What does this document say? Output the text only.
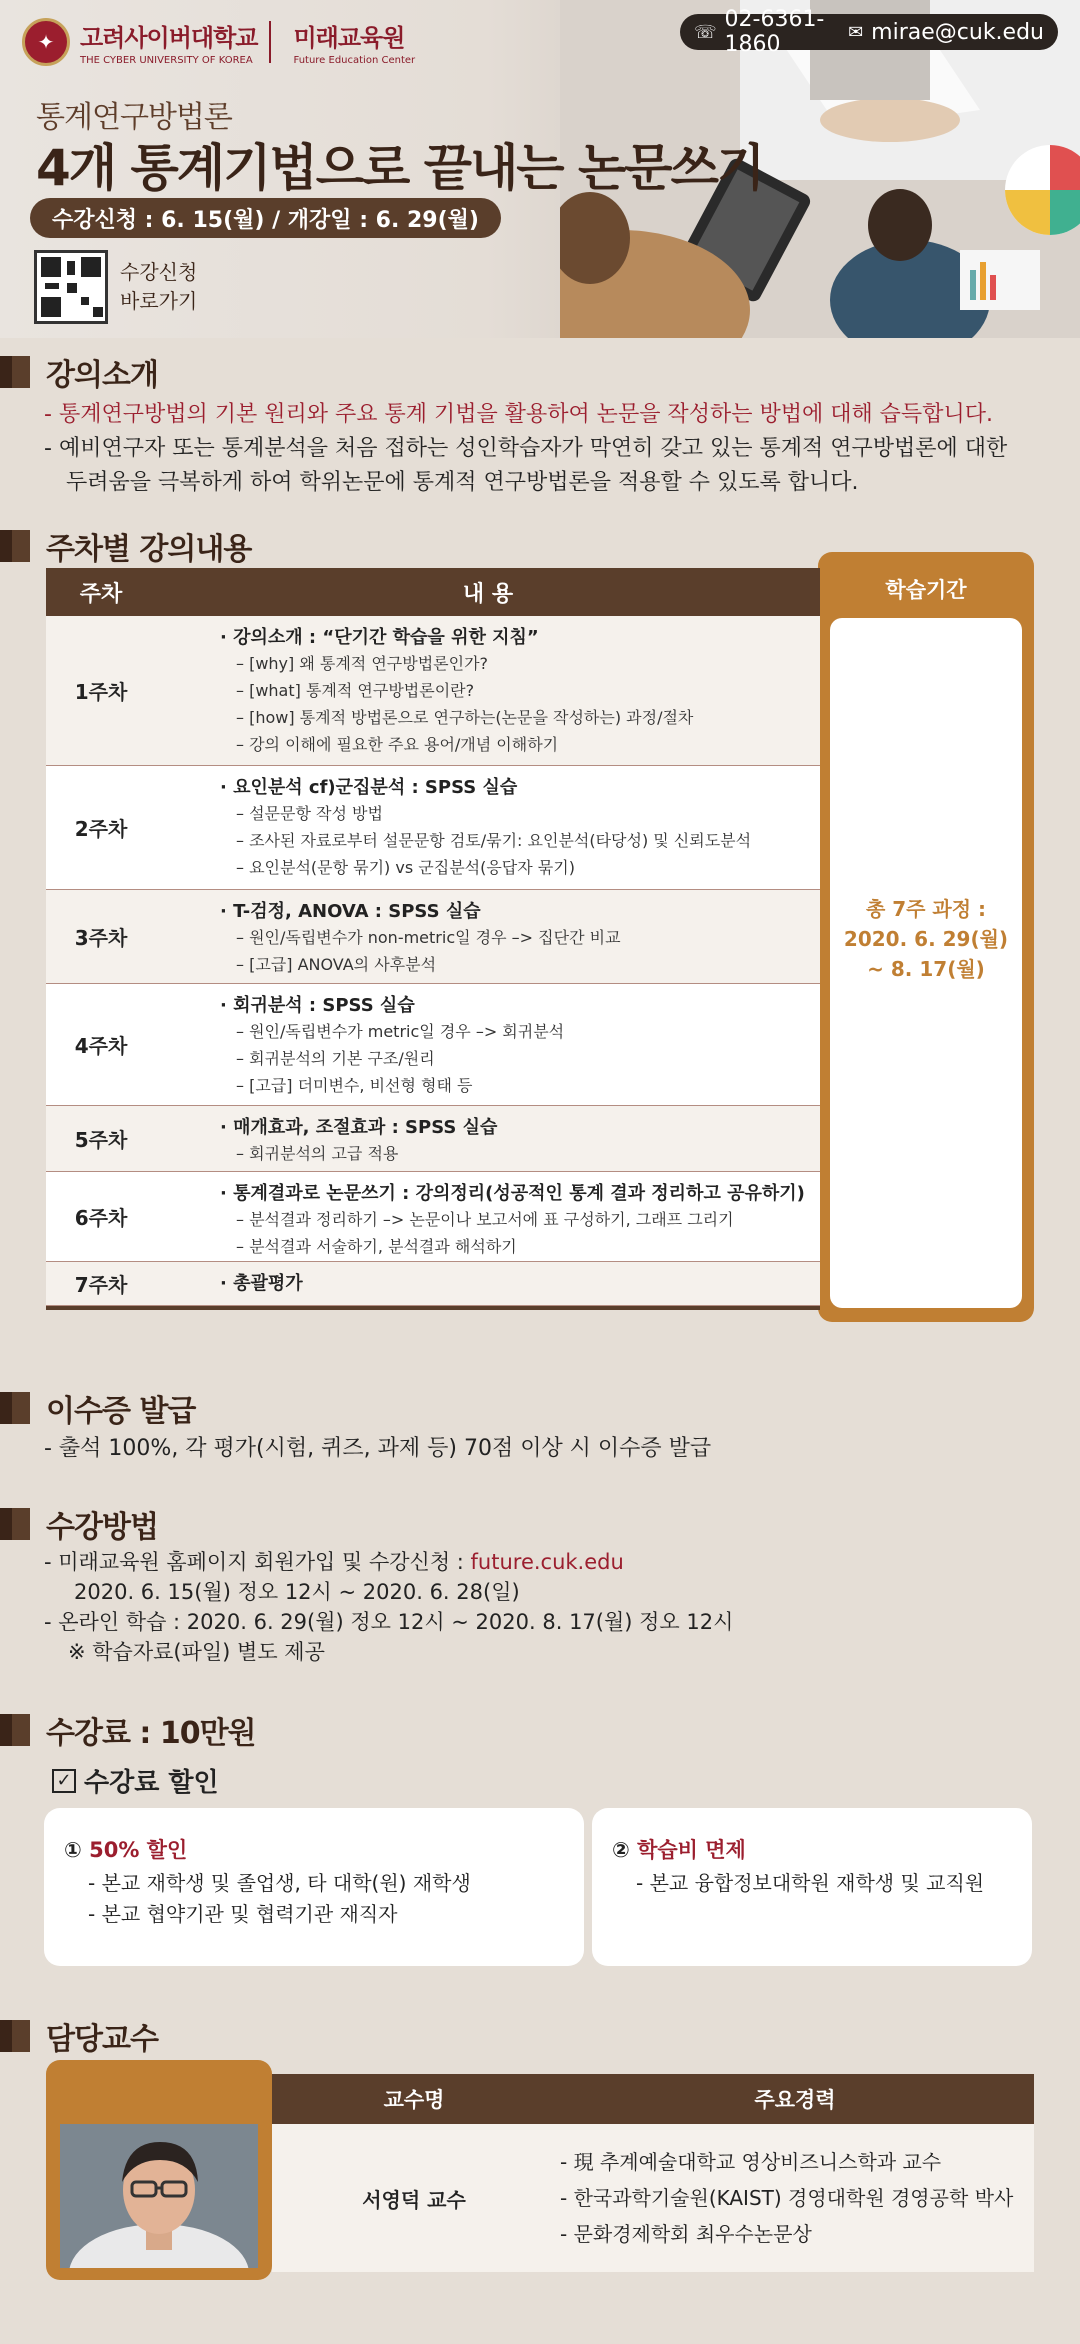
✦	고려사이버대학교
THE CYBER UNIVERSITY OF KOREA
미래교육원
Future Education Center
☏ 02-6361-1860	✉ mirae@cuk.edu
통계연구방법론
4개 통계기법으로 끝내는 논문쓰기
수강신청 : 6. 15(월) / 개강일 : 6. 29(월)
수강신청
바로가기
강의소개
- 통계연구방법의 기본 원리와 주요 통계 기법을 활용하여 논문을 작성하는 방법에 대해 습득합니다.
- 예비연구자 또는 통계분석을 처음 접하는 성인학습자가 막연히 갖고 있는 통계적 연구방법론에 대한
두려움을 극복하게 하여 학위논문에 통계적 연구방법론을 적용할 수 있도록 합니다.
주차별 강의내용
학습기간
총 7주 과정 :
2020. 6. 29(월)
~ 8. 17(월)
주차	내 용
1주차
· 강의소개 : “단기간 학습을 위한 지침”
– [why] 왜 통계적 연구방법론인가?
– [what] 통계적 연구방법론이란?
– [how] 통계적 방법론으로 연구하는(논문을 작성하는) 과정/절차
– 강의 이해에 필요한 주요 용어/개념 이해하기
2주차
· 요인분석 cf)군집분석 : SPSS 실습
– 설문문항 작성 방법
– 조사된 자료로부터 설문문항 검토/묶기: 요인분석(타당성) 및 신뢰도분석
– 요인분석(문항 묶기) vs 군집분석(응답자 묶기)
3주차
· T-검정, ANOVA : SPSS 실습
– 원인/독립변수가 non-metric일 경우 –> 집단간 비교
– [고급] ANOVA의 사후분석
4주차
· 회귀분석 : SPSS 실습
– 원인/독립변수가 metric일 경우 –> 회귀분석
– 회귀분석의 기본 구조/원리
– [고급] 더미변수, 비선형 형태 등
5주차
· 매개효과, 조절효과 : SPSS 실습
– 회귀분석의 고급 적용
6주차
· 통계결과로 논문쓰기 : 강의정리(성공적인 통계 결과 정리하고 공유하기)
– 분석결과 정리하기 –> 논문이나 보고서에 표 구성하기, 그래프 그리기
– 분석결과 서술하기, 분석결과 해석하기
7주차	· 총괄평가
이수증 발급
- 출석 100%, 각 평가(시험, 퀴즈, 과제 등) 70점 이상 시 이수증 발급
수강방법
- 미래교육원 홈페이지 회원가입 및 수강신청 : future.cuk.edu
2020. 6. 15(월) 정오 12시 ~ 2020. 6. 28(일)
- 온라인 학습 : 2020. 6. 29(월) 정오 12시 ~ 2020. 8. 17(월) 정오 12시
※ 학습자료(파일) 별도 제공
수강료 : 10만원
✓ 수강료 할인
① 50% 할인
- 본교 재학생 및 졸업생, 타 대학(원) 재학생
- 본교 협약기관 및 협력기관 재직자
② 학습비 면제
- 본교 융합정보대학원 재학생 및 교직원
담당교수
교수명	주요경력
서영덕 교수
- 現 추계예술대학교 영상비즈니스학과 교수
- 한국과학기술원(KAIST) 경영대학원 경영공학 박사
- 문화경제학회 최우수논문상
